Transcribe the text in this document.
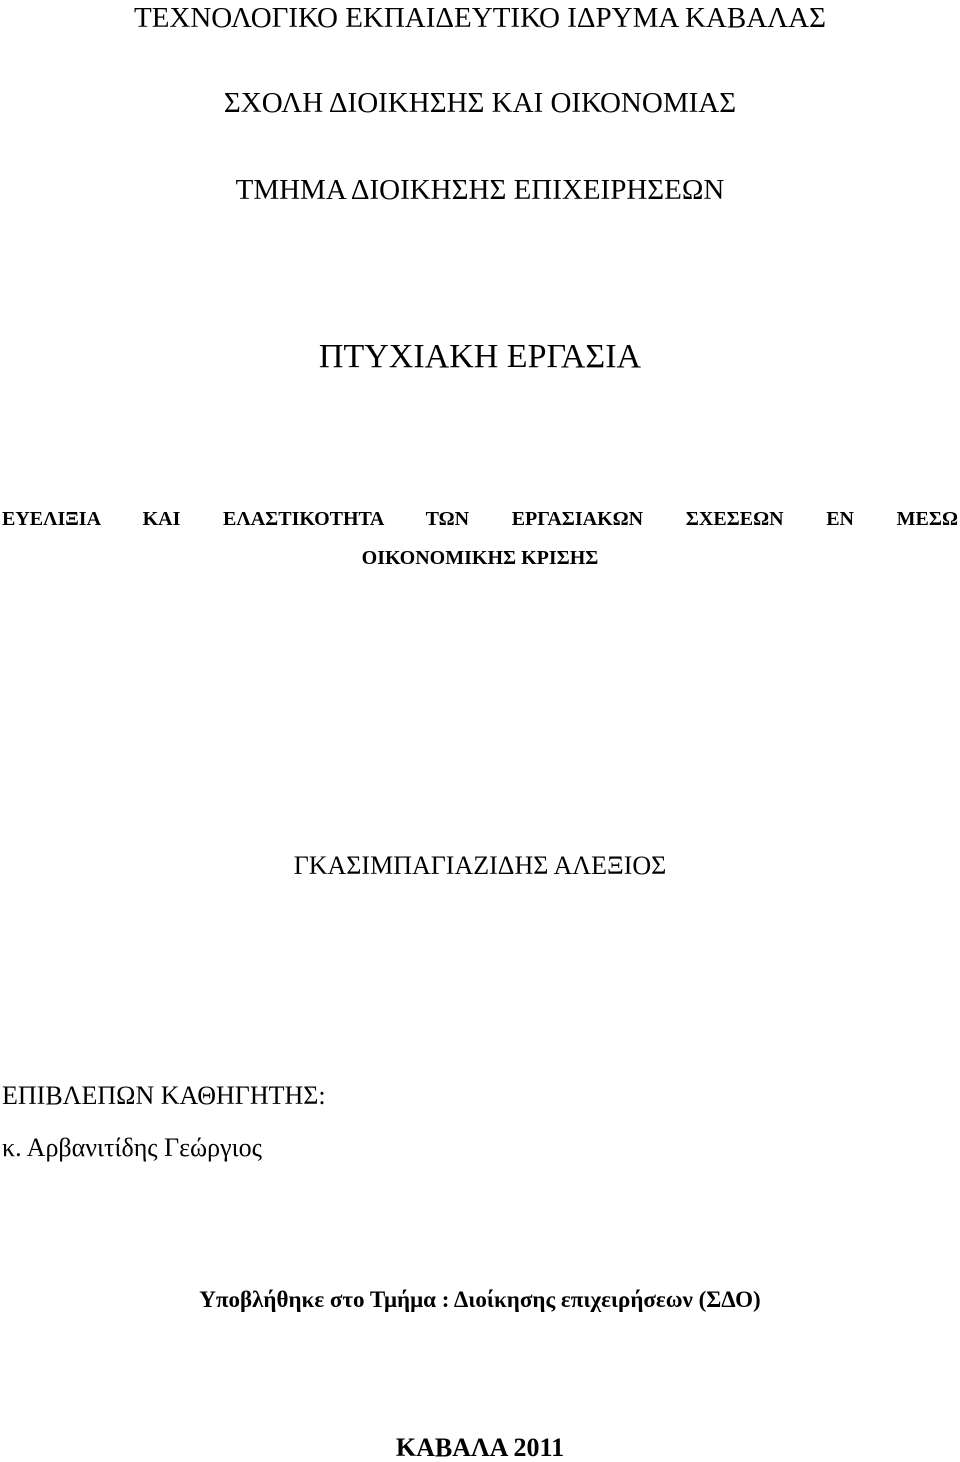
ΤΕΧΝΟΛΟΓΙΚΟ ΕΚΠΑΙΔΕΥΤΙΚΟ ΙΔΡΥΜΑ ΚΑΒΑΛΑΣ
ΣΧΟΛΗ ΔΙΟΙΚΗΣΗΣ ΚΑΙ ΟΙΚΟΝΟΜΙΑΣ
ΤΜΗΜΑ ΔΙΟΙΚΗΣΗΣ ΕΠΙΧΕΙΡΗΣΕΩΝ
ΠΤΥΧΙΑΚΗ ΕΡΓΑΣΙΑ
ΕΥΕΛΙΞΙΑ ΚΑΙ ΕΛΑΣΤΙΚΟΤΗΤΑ ΤΩΝ ΕΡΓΑΣΙΑΚΩΝ ΣΧΕΣΕΩΝ ΕΝ ΜΕΣΩ
ΟΙΚΟΝΟΜΙΚΗΣ ΚΡΙΣΗΣ
ΓΚΑΣΙΜΠΑΓΙΑΖΙΔΗΣ ΑΛΕΞΙΟΣ
ΕΠΙΒΛΕΠΩΝ ΚΑΘΗΓΗΤΗΣ:
κ. Αρβανιτίδης Γεώργιος
Υποβλήθηκε στο Τμήμα : Διοίκησης επιχειρήσεων (ΣΔΟ)
ΚΑΒΑΛΑ 2011
